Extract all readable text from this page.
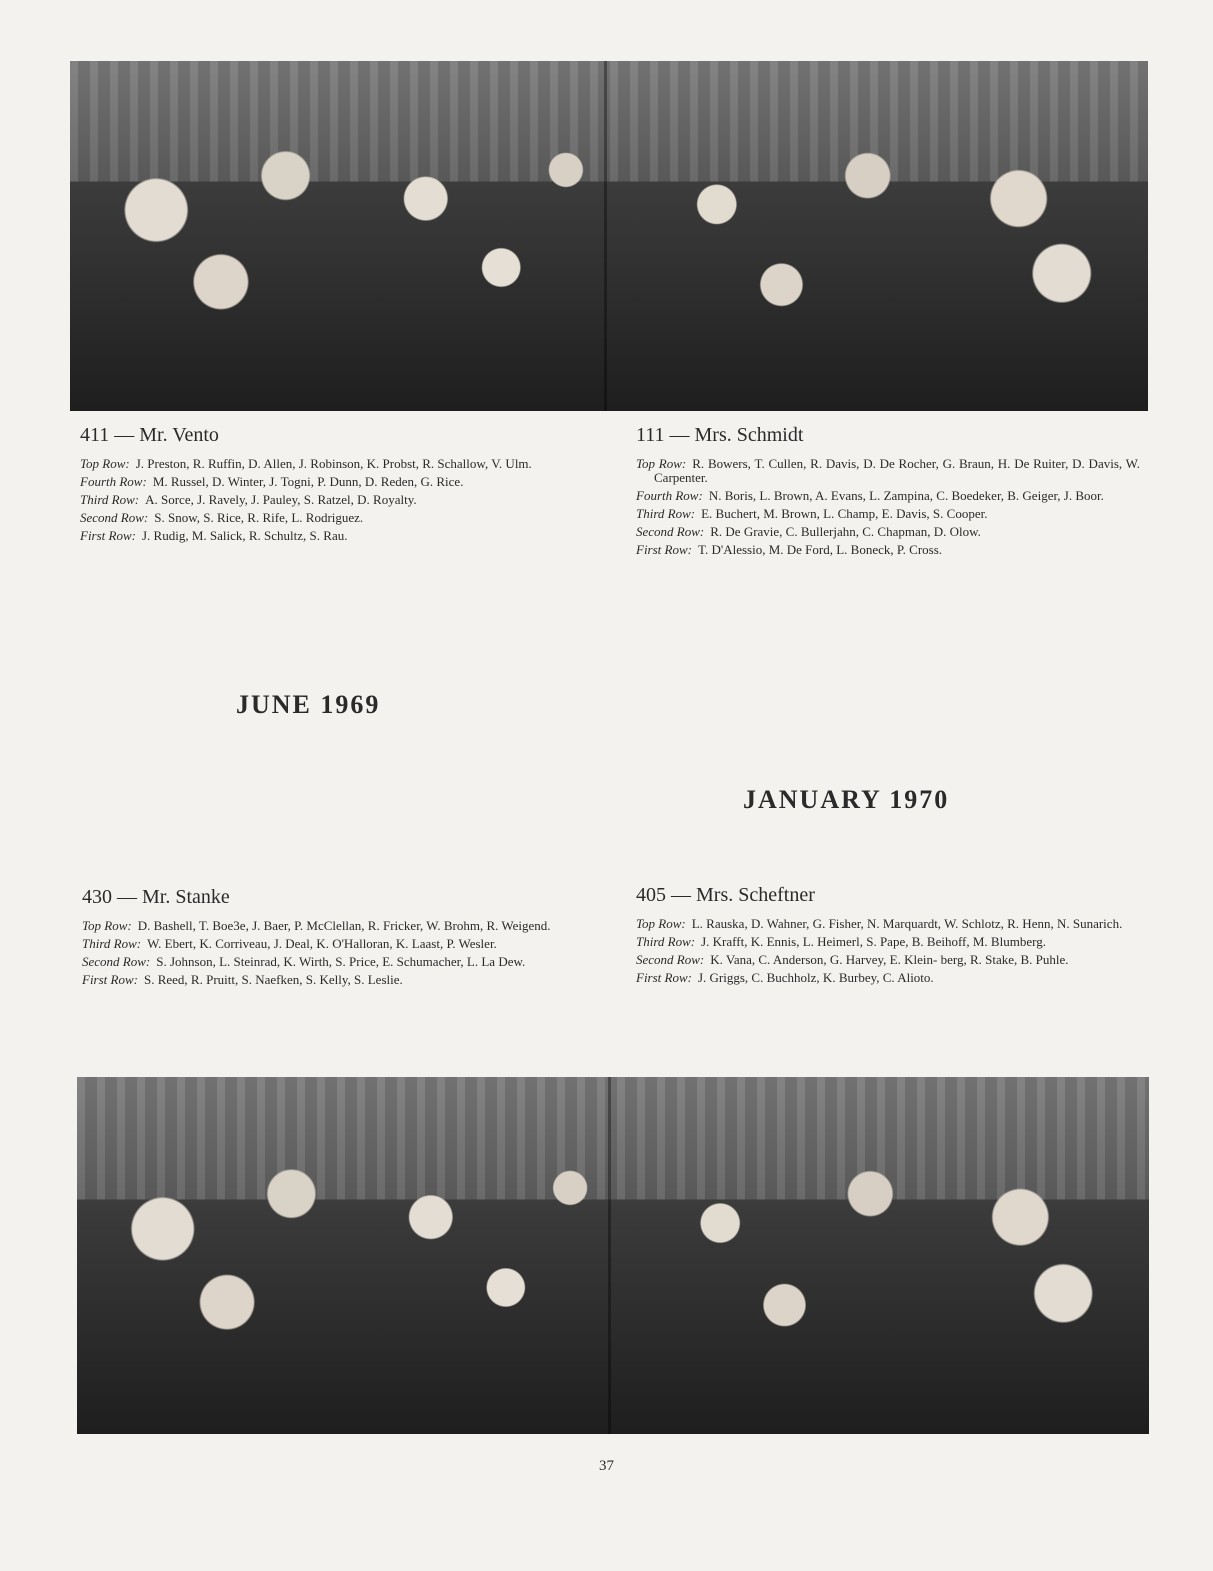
411 — Mr. Vento

Top Row: J. Preston, R. Ruffin, D. Allen, J. Robinson, K. Probst, R. Schallow, V. Ulm.

Fourth Row: M. Russel, D. Winter, J. Togni, P. Dunn, D. Reden, G. Rice.

Third Row: A. Sorce, J. Ravely, J. Pauley, S. Ratzel, D. Royalty.

Second Row: S. Snow, S. Rice, R. Rife, L. Rodriguez.

First Row: J. Rudig, M. Salick, R. Schultz, S. Rau.

111 — Mrs. Schmidt

Top Row: R. Bowers, T. Cullen, R. Davis, D. De Rocher, G. Braun, H. De Ruiter, D. Davis, W. Carpenter.

Fourth Row: N. Boris, L. Brown, A. Evans, L. Zampina, C. Boedeker, B. Geiger, J. Boor.

Third Row: E. Buchert, M. Brown, L. Champ, E. Davis, S. Cooper.

Second Row: R. De Gravie, C. Bullerjahn, C. Chapman, D. Olow.

First Row: T. D'Alessio, M. De Ford, L. Boneck, P. Cross.

JUNE 1969
JANUARY 1970
430 — Mr. Stanke

Top Row: D. Bashell, T. Boe3e, J. Baer, P. McClellan, R. Fricker, W. Brohm, R. Weigend.

Third Row: W. Ebert, K. Corriveau, J. Deal, K. O'Halloran, K. Laast, P. Wesler.

Second Row: S. Johnson, L. Steinrad, K. Wirth, S. Price, E. Schumacher, L. La Dew.

First Row: S. Reed, R. Pruitt, S. Naefken, S. Kelly, S. Leslie.

405 — Mrs. Scheftner

Top Row: L. Rauska, D. Wahner, G. Fisher, N. Marquardt, W. Schlotz, R. Henn, N. Sunarich.

Third Row: J. Krafft, K. Ennis, L. Heimerl, S. Pape, B. Beihoff, M. Blumberg.

Second Row: K. Vana, C. Anderson, G. Harvey, E. Klein- berg, R. Stake, B. Puhle.

First Row: J. Griggs, C. Buchholz, K. Burbey, C. Alioto.

37
